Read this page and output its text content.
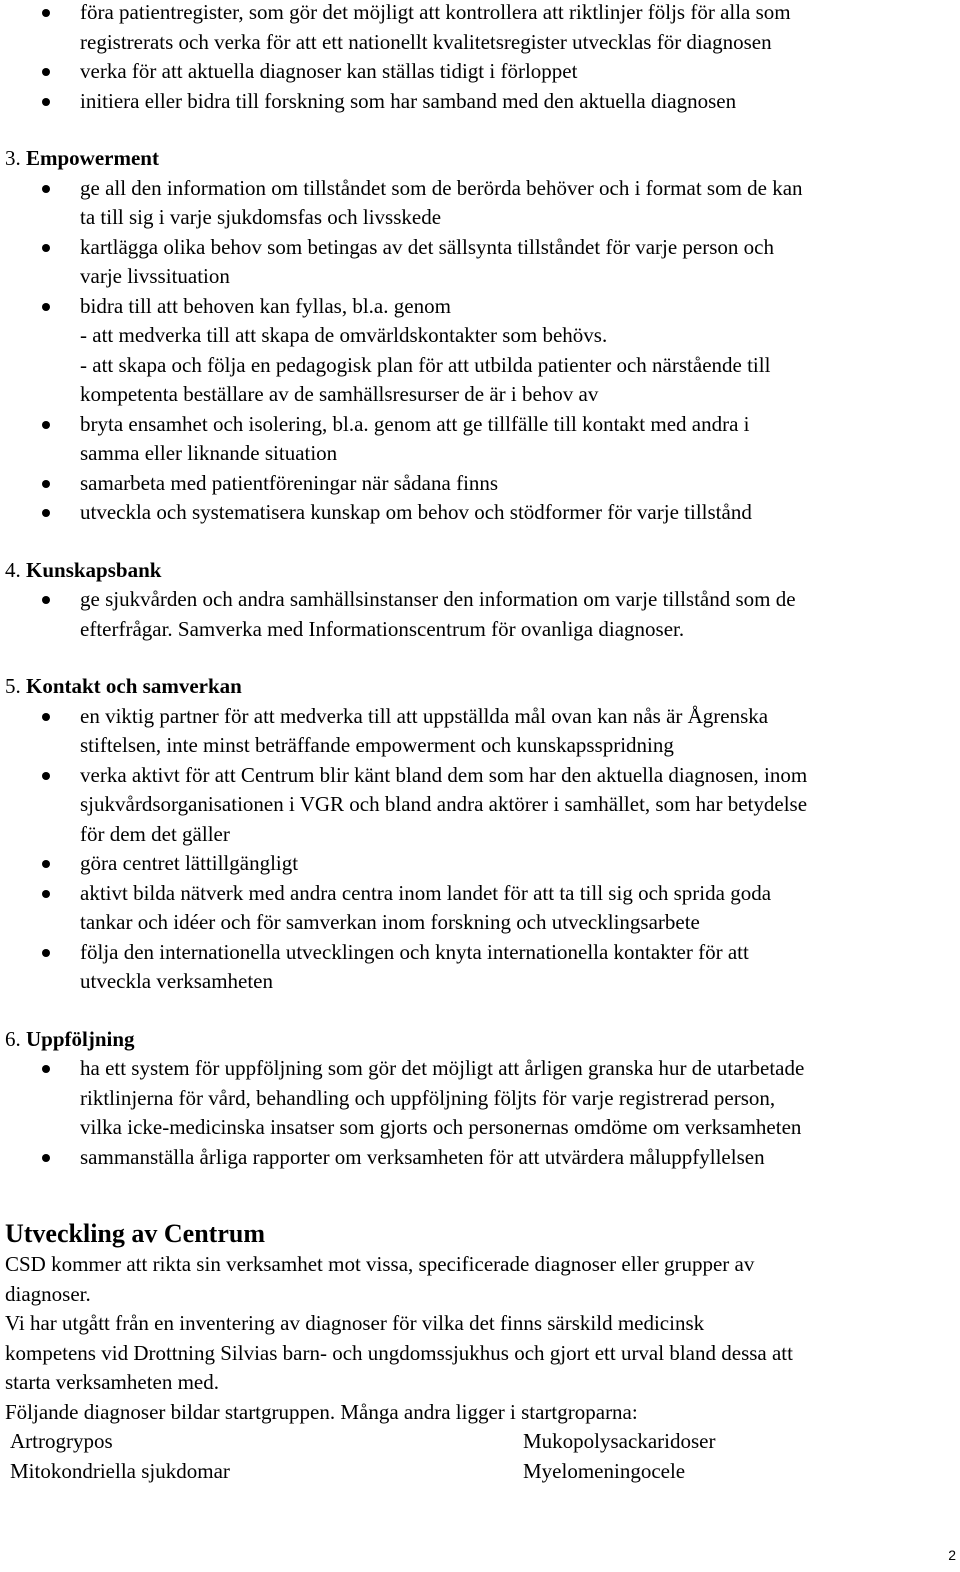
föra patientregister, som gör det möjligt att kontrollera att riktlinjer följs för alla som
registrerats och verka för att ett nationellt kvalitetsregister utvecklas för diagnosen
verka för att aktuella diagnoser kan ställas tidigt i förloppet
initiera eller bidra till forskning som har samband med den aktuella diagnosen
3. Empowerment
ge all den information om tillståndet som de berörda behöver och i format som de kan
ta till sig i varje sjukdomsfas och livsskede
kartlägga olika behov som betingas av det sällsynta tillståndet för varje person och
varje livssituation
bidra till att behoven kan fyllas, bl.a. genom
- att medverka till att skapa de omvärldskontakter som behövs.
- att skapa och följa en pedagogisk plan för att utbilda patienter och närstående till
kompetenta beställare av de samhällsresurser de är i behov av
bryta ensamhet och isolering, bl.a. genom att ge tillfälle till kontakt med andra i
samma eller liknande situation
samarbeta med patientföreningar när sådana finns
utveckla och systematisera kunskap om behov och stödformer för varje tillstånd
4. Kunskapsbank
ge sjukvården och andra samhällsinstanser den information om varje tillstånd som de
efterfrågar. Samverka med Informationscentrum för ovanliga diagnoser.
5. Kontakt och samverkan
en viktig partner för att medverka till att uppställda mål ovan kan nås är Ågrenska
stiftelsen, inte minst beträffande empowerment och kunskapsspridning
verka aktivt för att Centrum blir känt bland dem som har den aktuella diagnosen, inom
sjukvårdsorganisationen i VGR och bland andra aktörer i samhället, som har betydelse
för dem det gäller
göra centret lättillgängligt
aktivt bilda nätverk med andra centra inom landet för att ta till sig och sprida goda
tankar och idéer och för samverkan inom forskning och utvecklingsarbete
följa den internationella utvecklingen och knyta internationella kontakter för att
utveckla verksamheten
6. Uppföljning
ha ett system för uppföljning som gör det möjligt att årligen granska hur de utarbetade
riktlinjerna för vård, behandling och uppföljning följts för varje registrerad person,
vilka icke-medicinska insatser som gjorts och personernas omdöme om verksamheten
sammanställa årliga rapporter om verksamheten för att utvärdera måluppfyllelsen
Utveckling av Centrum
CSD kommer att rikta sin verksamhet mot vissa, specificerade diagnoser eller grupper av
diagnoser.
Vi har utgått från en inventering av diagnoser för vilka det finns särskild medicinsk
kompetens vid Drottning Silvias barn- och ungdomssjukhus och gjort ett urval bland dessa att
starta verksamheten med.
Följande diagnoser bildar startgruppen. Många andra ligger i startgroparna:
Artrogrypos	Mukopolysackaridoser
Mitokondriella sjukdomar	Myelomeningocele
2
